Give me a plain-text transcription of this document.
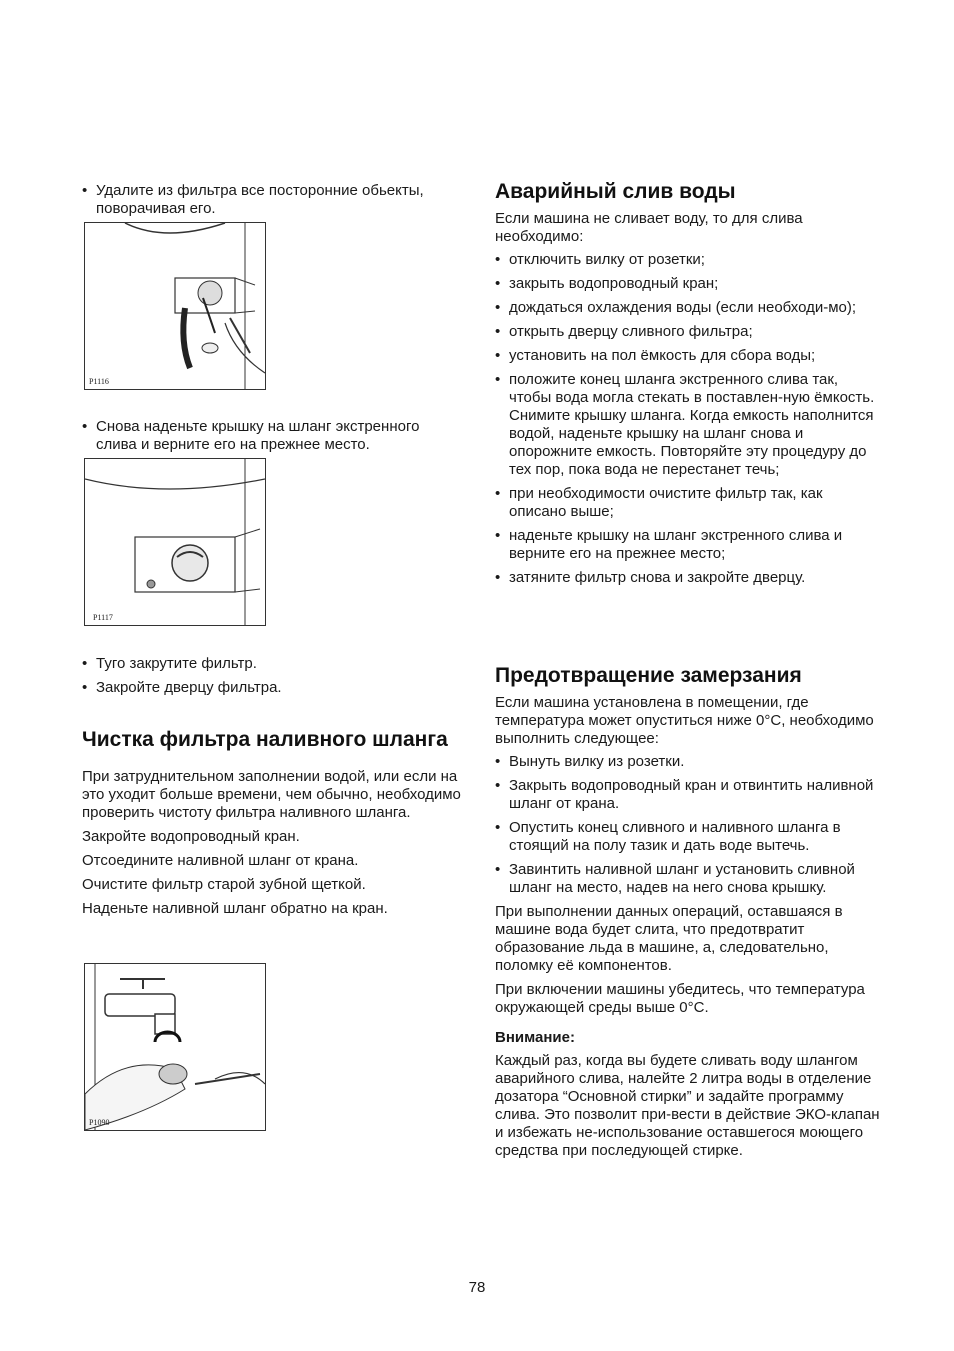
• Удалите из фильтра все посторонние обьекты, поворачивая его.
P1116
• Снова наденьте крышку на шланг экстренного слива и верните его на прежнее место.
P1117
• Туго закрутите фильтр.
• Закройте дверцу фильтра.
Чистка фильтра наливного шланга

При затруднительном заполнении водой, или если на это уходит больше времени, чем обычно, необходимо проверить чистоту фильтра наливного шланга.

Закройте водопроводный кран.

Отсоедините наливной шланг от крана.

Очистите фильтр старой зубной щеткой.

Наденьте наливной шланг обратно на кран.

P1090
Аварийный слив воды

Если машина не сливает воду, то для слива необходимо:

• отключить вилку от розетки;
• закрыть водопроводный кран;
• дождаться охлаждения воды (если необходи-мо);
• открыть дверцу сливного фильтра;
• установить на пол ёмкость для сбора воды;
• положите конец шланга экстренного слива так, чтобы вода могла стекать в поставлен-ную ёмкость. Снимите крышку шланга. Когда емкость наполнится водой, наденьте крышку на шланг снова и опорожните емкость. Повторяйте эту процедуру до тех пор, пока вода не перестанет течь;
• при необходимости очистите фильтр так, как описано выше;
• наденьте крышку на шланг экстренного слива и верните его на прежнее место;
• затяните фильтр снова и закройте дверцу.
Предотвращение замерзания

Если машина установлена в помещении, где температура может опуститься ниже 0°C, необходимо выполнить следующее:

• Вынуть вилку из розетки.
• Закрыть водопроводный кран и отвинтить наливной шланг от крана.
• Опустить конец сливного и наливного шланга в стоящий на полу тазик и дать воде вытечь.
• Завинтить наливной шланг и установить сливной шланг на место, надев на него снова крышку.

При выполнении данных операций, оставшаяся в машине вода будет слита, что предотвратит образование льда в машине, а, следовательно, поломку её компонентов.

При включении машины убедитесь, что температура окружающей среды выше 0°C.

Внимание:

Каждый раз, когда вы будете сливать воду шлангом аварийного слива, налейте 2 литра воды в отделение дозатора “Основной стирки” и задайте программу слива. Это позволит при-вести в действие ЭКО-клапан и избежать не-использование оставшегося моющего средства при последующей стирке.

78
